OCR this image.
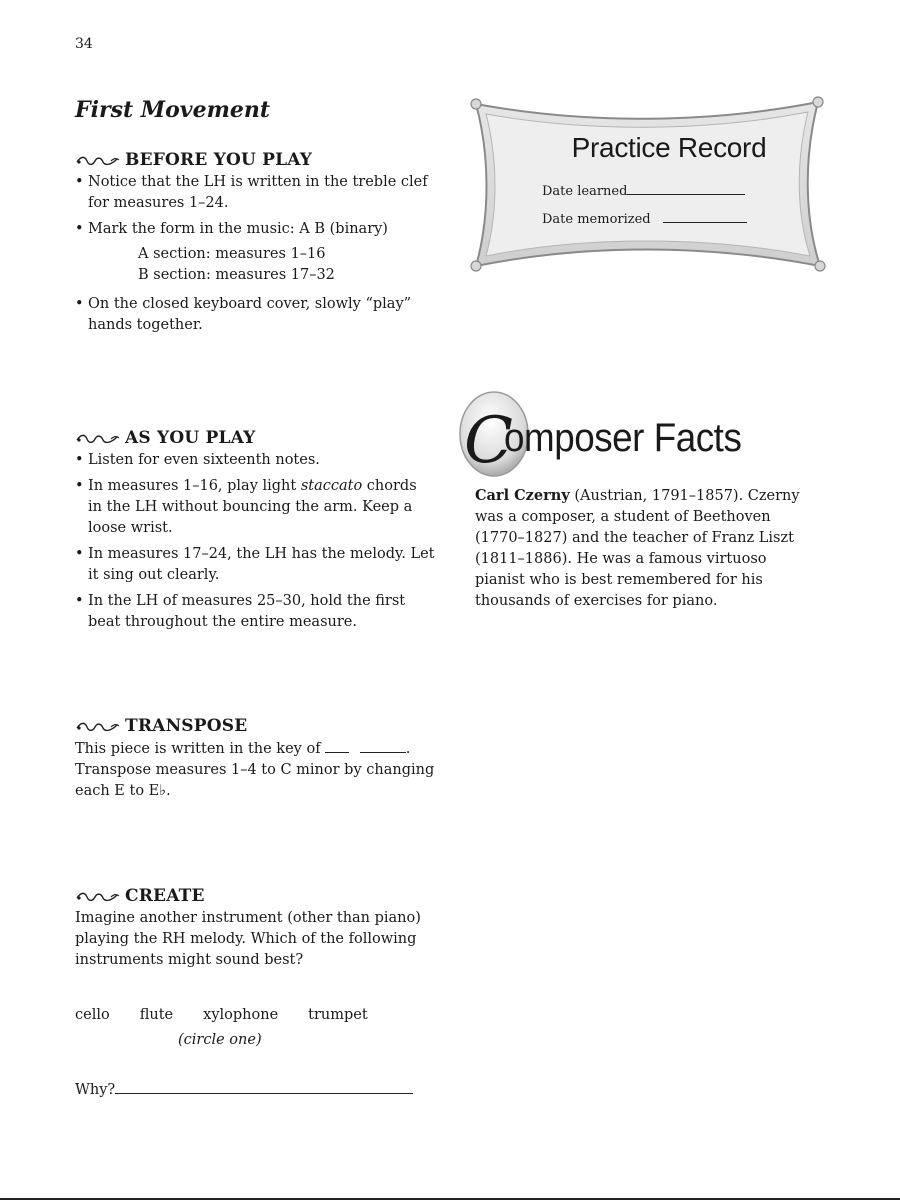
34
First Movement
BEFORE YOU PLAY
• Notice that the LH is written in the treble clef for measures 1–24.
• Mark the form in the music: A B (binary)
A section: measures 1–16
B section: measures 17–32
• On the closed keyboard cover, slowly “play” hands together.
AS YOU PLAY
• Listen for even sixteenth notes.
• In measures 1–16, play light staccato chords in the LH without bouncing the arm. Keep a loose wrist.
• In measures 17–24, the LH has the melody. Let it sing out clearly.
• In the LH of measures 25–30, hold the first beat throughout the entire measure.
TRANSPOSE
This piece is written in the key of	. Transpose measures 1–4 to C minor by changing each E to E♭.
CREATE
Imagine another instrument (other than piano) playing the RH melody. Which of the following instruments might sound best?
cello flute xylophone trumpet
(circle one)
Why?
Practice Record
Date learned
Date memorized
C
omposer Facts
Carl Czerny (Austrian, 1791–1857). Czerny was a composer, a student of Beethoven (1770–1827) and the teacher of Franz Liszt (1811–1886). He was a famous virtuoso pianist who is best remembered for his thousands of exercises for piano.
